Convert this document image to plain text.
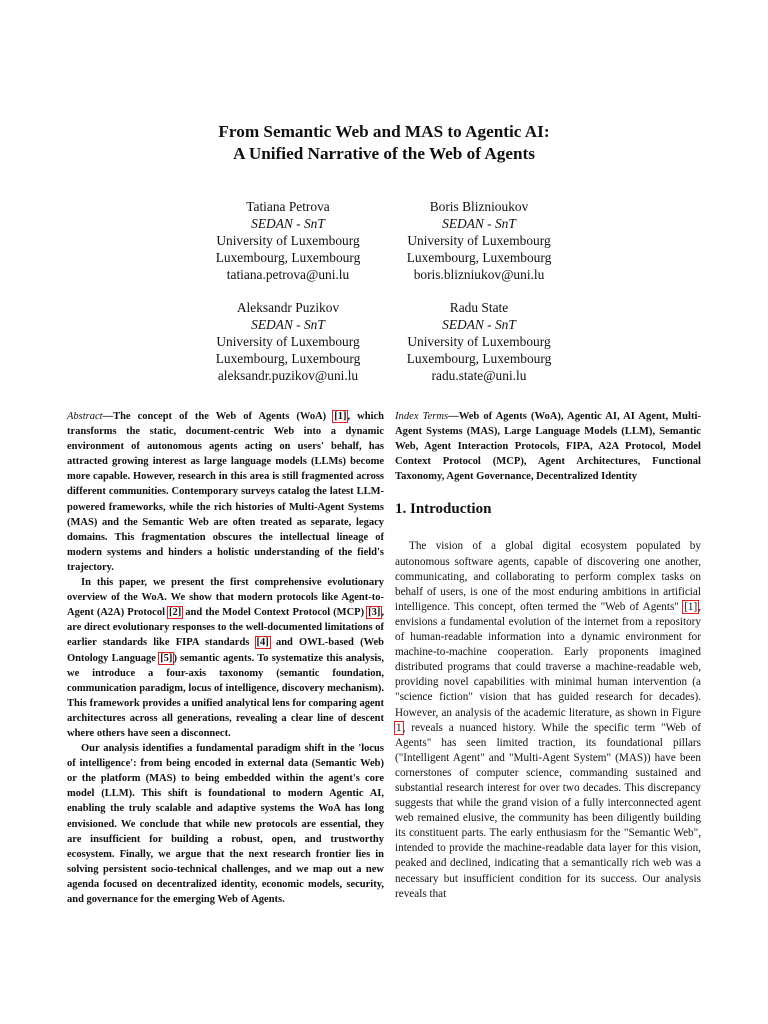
From Semantic Web and MAS to Agentic AI:
A Unified Narrative of the Web of Agents
Tatiana Petrova
SEDAN - SnT
University of Luxembourg
Luxembourg, Luxembourg
tatiana.petrova@uni.lu
Boris Bliznioukov
SEDAN - SnT
University of Luxembourg
Luxembourg, Luxembourg
boris.blizniukov@uni.lu
Aleksandr Puzikov
SEDAN - SnT
University of Luxembourg
Luxembourg, Luxembourg
aleksandr.puzikov@uni.lu
Radu State
SEDAN - SnT
University of Luxembourg
Luxembourg, Luxembourg
radu.state@uni.lu

Abstract—The concept of the Web of Agents (WoA) [1], which transforms the static, document-centric Web into a dynamic environment of autonomous agents acting on users' behalf, has attracted growing interest as large language models (LLMs) become more capable. However, research in this area is still fragmented across different communities. Contemporary surveys catalog the latest LLM-powered frameworks, while the rich histories of Multi-Agent Systems (MAS) and the Semantic Web are often treated as separate, legacy domains. This fragmentation obscures the intellectual lineage of modern systems and hinders a holistic understanding of the field's trajectory.

In this paper, we present the first comprehensive evolutionary overview of the WoA. We show that modern protocols like Agent-to-Agent (A2A) Protocol [2] and the Model Context Protocol (MCP) [3], are direct evolutionary responses to the well-documented limitations of earlier standards like FIPA standards [4] and OWL-based (Web Ontology Language [5]) semantic agents. To systematize this analysis, we introduce a four-axis taxonomy (semantic foundation, communication paradigm, locus of intelligence, discovery mechanism). This framework provides a unified analytical lens for comparing agent architectures across all generations, revealing a clear line of descent where others have seen a disconnect.

Our analysis identifies a fundamental paradigm shift in the 'locus of intelligence': from being encoded in external data (Semantic Web) or the platform (MAS) to being embedded within the agent's core model (LLM). This shift is foundational to modern Agentic AI, enabling the truly scalable and adaptive systems the WoA has long envisioned. We conclude that while new protocols are essential, they are insufficient for building a robust, open, and trustworthy ecosystem. Finally, we argue that the next research frontier lies in solving persistent socio-technical challenges, and we map out a new agenda focused on decentralized identity, economic models, security, and governance for the emerging Web of Agents.

Index Terms—Web of Agents (WoA), Agentic AI, AI Agent, Multi-Agent Systems (MAS), Large Language Models (LLM), Semantic Web, Agent Interaction Protocols, FIPA, A2A Protocol, Model Context Protocol (MCP), Agent Architectures, Functional Taxonomy, Agent Governance, Decentralized Identity

1. Introduction

The vision of a global digital ecosystem populated by autonomous software agents, capable of discovering one another, communicating, and collaborating to perform complex tasks on behalf of users, is one of the most enduring ambitions in artificial intelligence. This concept, often termed the "Web of Agents" [1], envisions a fundamental evolution of the internet from a repository of human-readable information into a dynamic environment for machine-to-machine cooperation. Early proponents imagined distributed programs that could traverse a machine-readable web, providing novel capabilities with minimal human intervention (a "science fiction" vision that has guided research for decades). However, an analysis of the academic literature, as shown in Figure 1, reveals a nuanced history. While the specific term "Web of Agents" has seen limited traction, its foundational pillars ("Intelligent Agent" and "Multi-Agent System" (MAS)) have been cornerstones of computer science, commanding sustained and substantial research interest for over two decades. This discrepancy suggests that while the grand vision of a fully interconnected agent web remained elusive, the community has been diligently building its constituent parts. The early enthusiasm for the "Semantic Web", intended to provide the machine-readable data layer for this vision, peaked and declined, indicating that a semantically rich web was a necessary but insufficient condition for its success. Our analysis reveals that
